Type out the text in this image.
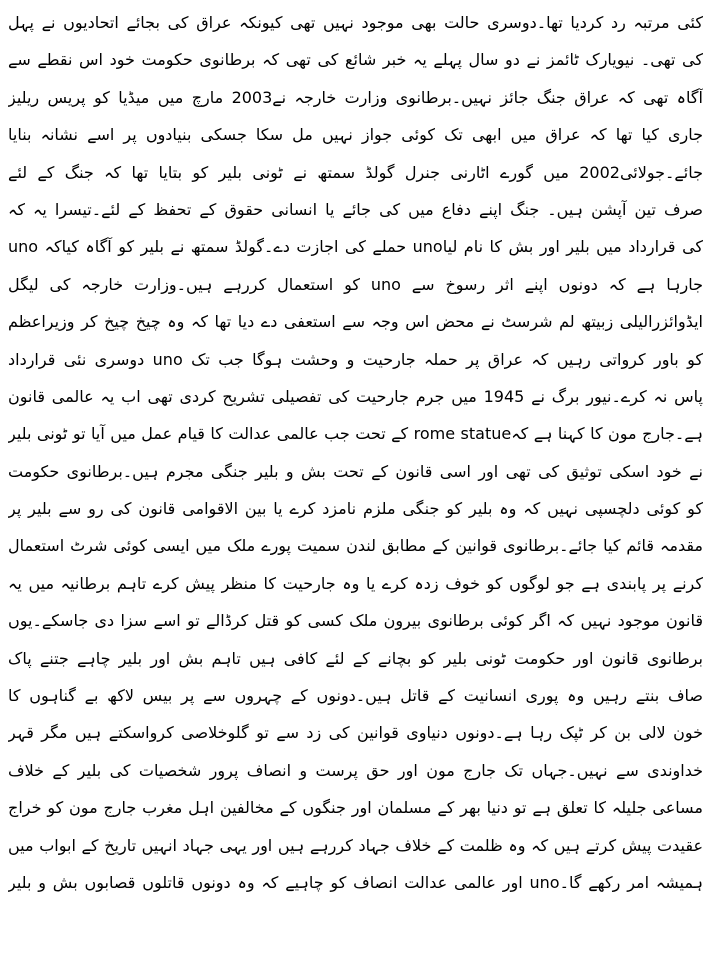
کئی مرتبہ رد کردیا تھا۔دوسری حالت بھی موجود نہیں تھی کیونکہ عراق کی بجائے اتحادیوں نے پہل
کی تھی۔ نیویارک ٹائمز نے دو سال پہلے یہ خبر شائع کی تھی کہ برطانوی حکومت خود اس نقطے سے
آگاہ تھی کہ عراق جنگ جائز نہیں۔برطانوی وزارت خارجہ نے2003 مارچ میں میڈیا کو پریس ریلیز
جاری کیا تھا کہ عراق میں ابھی تک کوئی جواز نہیں مل سکا جسکی بنیادوں پر اسے نشانہ بنایا
جائے۔جولائی2002 میں گورے اٹارنی جنرل گولڈ سمتھ نے ٹونی بلیر کو بتایا تھا کہ جنگ کے لئے
صرف تین آپشن ہیں۔ جنگ اپنے دفاع میں کی جائے یا انسانی حقوق کے تحفظ کے لئے۔تیسرا یہ کہ
uno حملے کی اجازت دے۔گولڈ سمتھ نے بلیر کو آگاہ کیاکہ unoکی قرارداد میں بلیر اور بش کا نام لیا
جارہا ہے کہ دونوں اپنے اثر رسوخ سے uno کو استعمال کررہے ہیں۔وزارت خارجہ کی لیگل
ایڈوائزرالیلی زبیتھ لم شرسٹ نے محض اس وجہ سے استعفی دے دیا تھا کہ وہ چیخ چیخ کر وزیراعظم
کو باور کرواتی رہیں کہ عراق پر حملہ جارحیت و وحشت ہوگا جب تک uno دوسری نئی قرارداد
پاس نہ کرے۔نیور برگ نے 1945 میں جرم جارحیت کی تفصیلی تشریح کردی تھی اب یہ عالمی قانون
ہے۔جارج مون کا کہنا ہے کہrome statue کے تحت جب عالمی عدالت کا قیام عمل میں آیا تو ٹونی بلیر
نے خود اسکی توثیق کی تھی اور اسی قانون کے تحت بش و بلیر جنگی مجرم ہیں۔برطانوی حکومت
کو کوئی دلچسپی نہیں کہ وہ بلیر کو جنگی ملزم نامزد کرے یا بین الاقوامی قانون کی رو سے بلیر پر
مقدمہ قائم کیا جائے۔برطانوی قوانین کے مطابق لندن سمیت پورے ملک میں ایسی کوئی شرٹ استعمال
کرنے پر پابندی ہے جو لوگوں کو خوف زدہ کرے یا وہ جارحیت کا منظر پیش کرے تاہم برطانیہ میں یہ
قانون موجود نہیں کہ اگر کوئی برطانوی بیرون ملک کسی کو قتل کرڈالے تو اسے سزا دی جاسکے۔یوں
برطانوی قانون اور حکومت ٹونی بلیر کو بچانے کے لئے کافی ہیں تاہم بش اور بلیر چاہے جتنے پاک
صاف بنتے رہیں وہ پوری انسانیت کے قاتل ہیں۔دونوں کے چہروں سے پر بیس لاکھ بے گناہوں کا
خون لالی بن کر ٹپک رہا ہے۔دونوں دنیاوی قوانین کی زد سے تو گلوخلاصی کرواسکتے ہیں مگر قہر
خداوندی سے نہیں۔جہاں تک جارج مون اور حق پرست و انصاف پرور شخصیات کی بلیر کے خلاف
مساعی جلیلہ کا تعلق ہے تو دنیا بھر کے مسلمان اور جنگوں کے مخالفین اہل مغرب جارج مون کو خراج
عقیدت پیش کرتے ہیں کہ وہ ظلمت کے خلاف جہاد کررہے ہیں اور یہی جہاد انہیں تاریخ کے ابواب میں
ہمیشہ امر رکھے گا۔uno اور عالمی عدالت انصاف کو چاہیے کہ وہ دونوں قاتلوں قصابوں بش و بلیر
